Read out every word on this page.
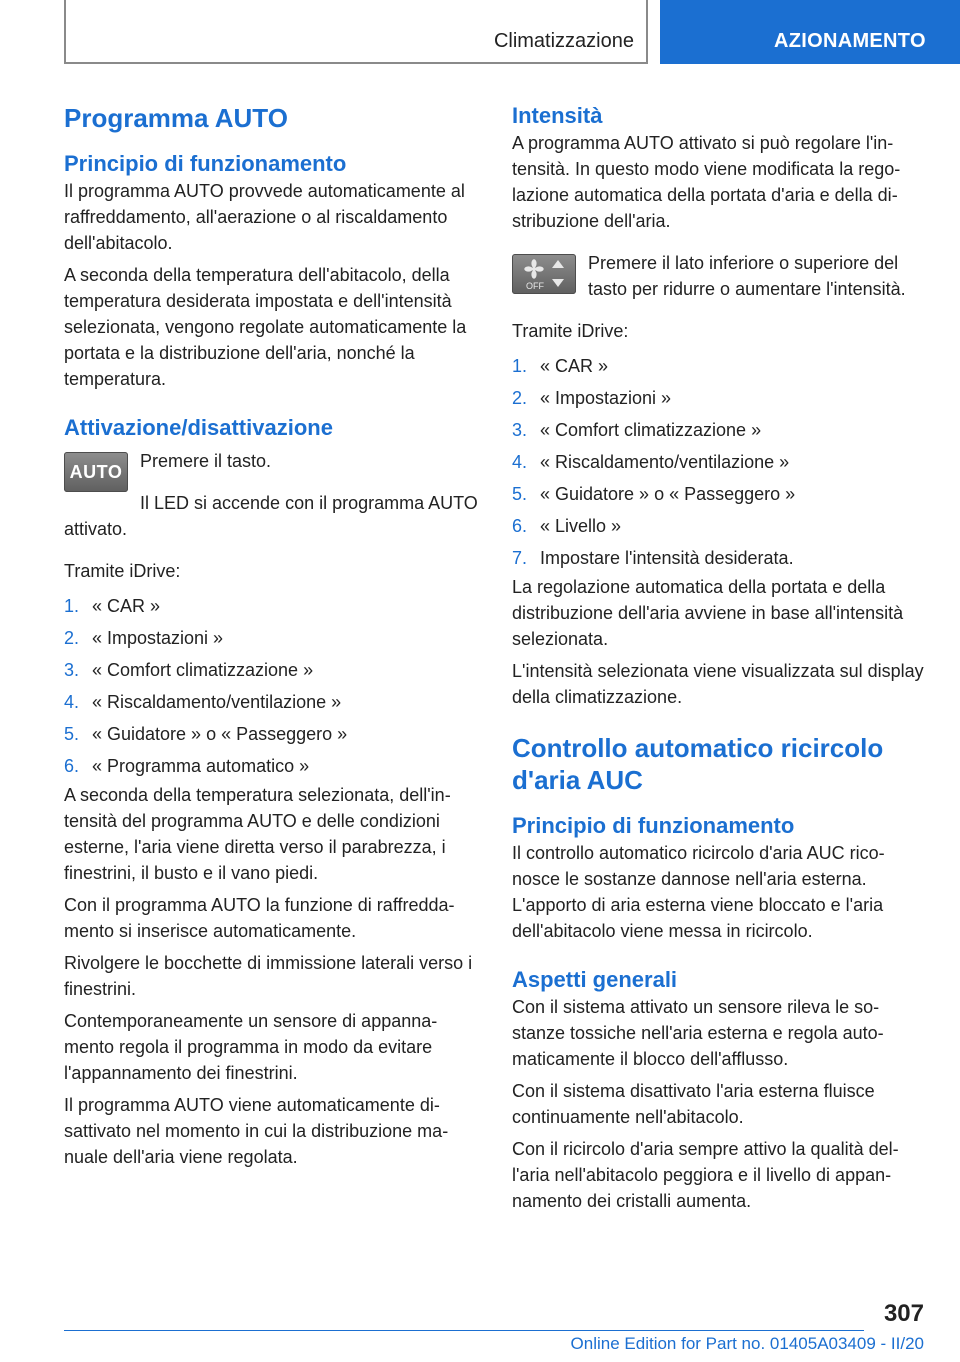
Climatizzazione	AZIONAMENTO
Programma AUTO
Principio di funzionamento

Il programma AUTO provvede automaticamente al raffreddamento, all'aerazione o al riscaldamento dell'abitacolo.

A seconda della temperatura dell'abitacolo, della temperatura desiderata impostata e dell'intensità selezionata, vengono regolate automaticamente la portata e la distribuzione dell'aria, nonché la temperatura.

Attivazione/disattivazione
AUTO

Premere il tasto.

Il LED si accende con il programma AUTO attivato.

Tramite iDrive:

1. « CAR »
2. « Impostazioni »
3. « Comfort climatizzazione »
4. « Riscaldamento/ventilazione »
5. « Guidatore » o « Passeggero »
6. « Programma automatico »

A seconda della temperatura selezionata, dell'intensità del programma AUTO e delle condizioni esterne, l'aria viene diretta verso il parabrezza, i finestrini, il busto e il vano piedi.

Con il programma AUTO la funzione di raffreddamento si inserisce automaticamente.

Rivolgere le bocchette di immissione laterali verso i finestrini.

Contemporaneamente un sensore di appannamento regola il programma in modo da evitare l'appannamento dei finestrini.

Il programma AUTO viene automaticamente disattivato nel momento in cui la distribuzione manuale dell'aria viene regolata.

Intensità

A programma AUTO attivato si può regolare l'intensità. In questo modo viene modificata la regolazione automatica della portata d'aria e della distribuzione dell'aria.

OFF

Premere il lato inferiore o superiore del tasto per ridurre o aumentare l'intensità.

Tramite iDrive:

1. « CAR »
2. « Impostazioni »
3. « Comfort climatizzazione »
4. « Riscaldamento/ventilazione »
5. « Guidatore » o « Passeggero »
6. « Livello »
7. Impostare l'intensità desiderata.

La regolazione automatica della portata e della distribuzione dell'aria avviene in base all'intensità selezionata.

L'intensità selezionata viene visualizzata sul display della climatizzazione.

Controllo automatico ricircolo d'aria AUC
Principio di funzionamento

Il controllo automatico ricircolo d'aria AUC riconosce le sostanze dannose nell'aria esterna. L'apporto di aria esterna viene bloccato e l'aria dell'abitacolo viene messa in ricircolo.

Aspetti generali

Con il sistema attivato un sensore rileva le sostanze tossiche nell'aria esterna e regola automaticamente il blocco dell'afflusso.

Con il sistema disattivato l'aria esterna fluisce continuamente nell'abitacolo.

Con il ricircolo d'aria sempre attivo la qualità dell'aria nell'abitacolo peggiora e il livello di appannamento dei cristalli aumenta.

307
Online Edition for Part no. 01405A03409 - II/20
